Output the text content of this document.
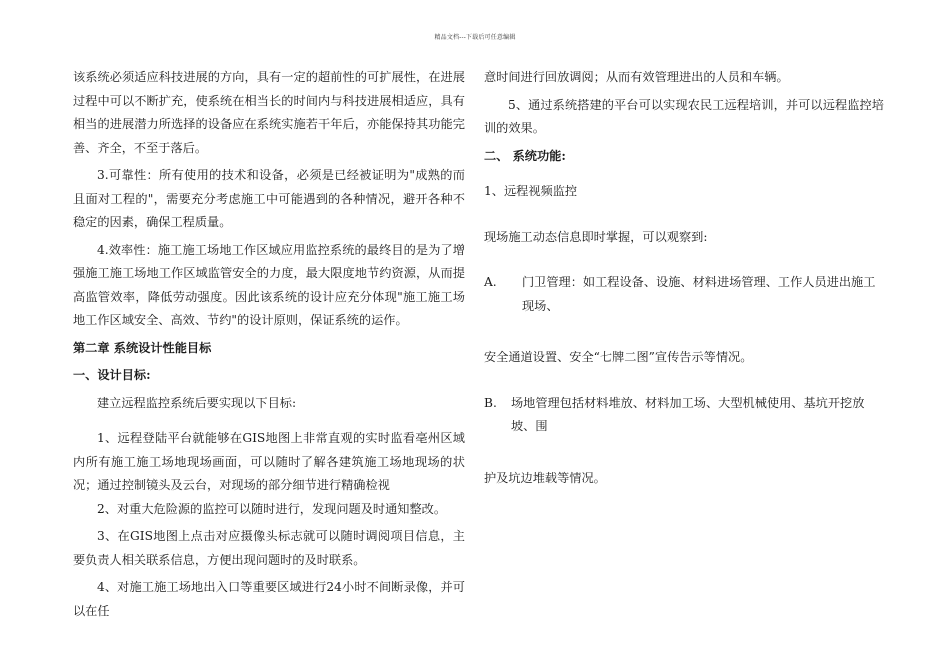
精品文档---下载后可任意编辑

该系统必须适应科技进展的方向，具有一定的超前性的可扩展性，在进展过程中可以不断扩充，使系统在相当长的时间内与科技进展相适应，具有相当的进展潜力所选择的设备应在系统实施若干年后，亦能保持其功能完善、齐全，不至于落后。

3.可靠性：所有使用的技术和设备，必须是已经被证明为"成熟的而且面对工程的"，需要充分考虑施工中可能遇到的各种情况，避开各种不稳定的因素，确保工程质量。

4.效率性：施工施工场地工作区域应用监控系统的最终目的是为了增强施工施工场地工作区域监管安全的力度，最大限度地节约资源，从而提高监管效率，降低劳动强度。因此该系统的设计应充分体现"施工施工场地工作区域安全、高效、节约"的设计原则，保证系统的运作。

第二章 系统设计性能目标

一、设计目标:

建立远程监控系统后要实现以下目标:

1、远程登陆平台就能够在GIS地图上非常直观的实时监看亳州区域内所有施工施工场地现场画面，可以随时了解各建筑施工场地现场的状况；通过控制镜头及云台，对现场的部分细节进行精确检视

2、对重大危险源的监控可以随时进行，发现问题及时通知整改。

3、在GIS地图上点击对应摄像头标志就可以随时调阅项目信息，主要负责人相关联系信息，方便出现问题时的及时联系。

4、对施工施工场地出入口等重要区域进行24小时不间断录像，并可以在任

意时间进行回放调阅；从而有效管理进出的人员和车辆。

5、通过系统搭建的平台可以实现农民工远程培训，并可以远程监控培训的效果。

二、 系统功能:

1、远程视频监控

现场施工动态信息即时掌握，可以观察到:

A.	门卫管理：如工程设备、设施、材料进场管理、工作人员进出施工现场、

安全通道设置、安全“七牌二图”宣传告示等情况。

B.	场地管理包括材料堆放、材料加工场、大型机械使用、基坑开挖放坡、围

护及坑边堆载等情况。
